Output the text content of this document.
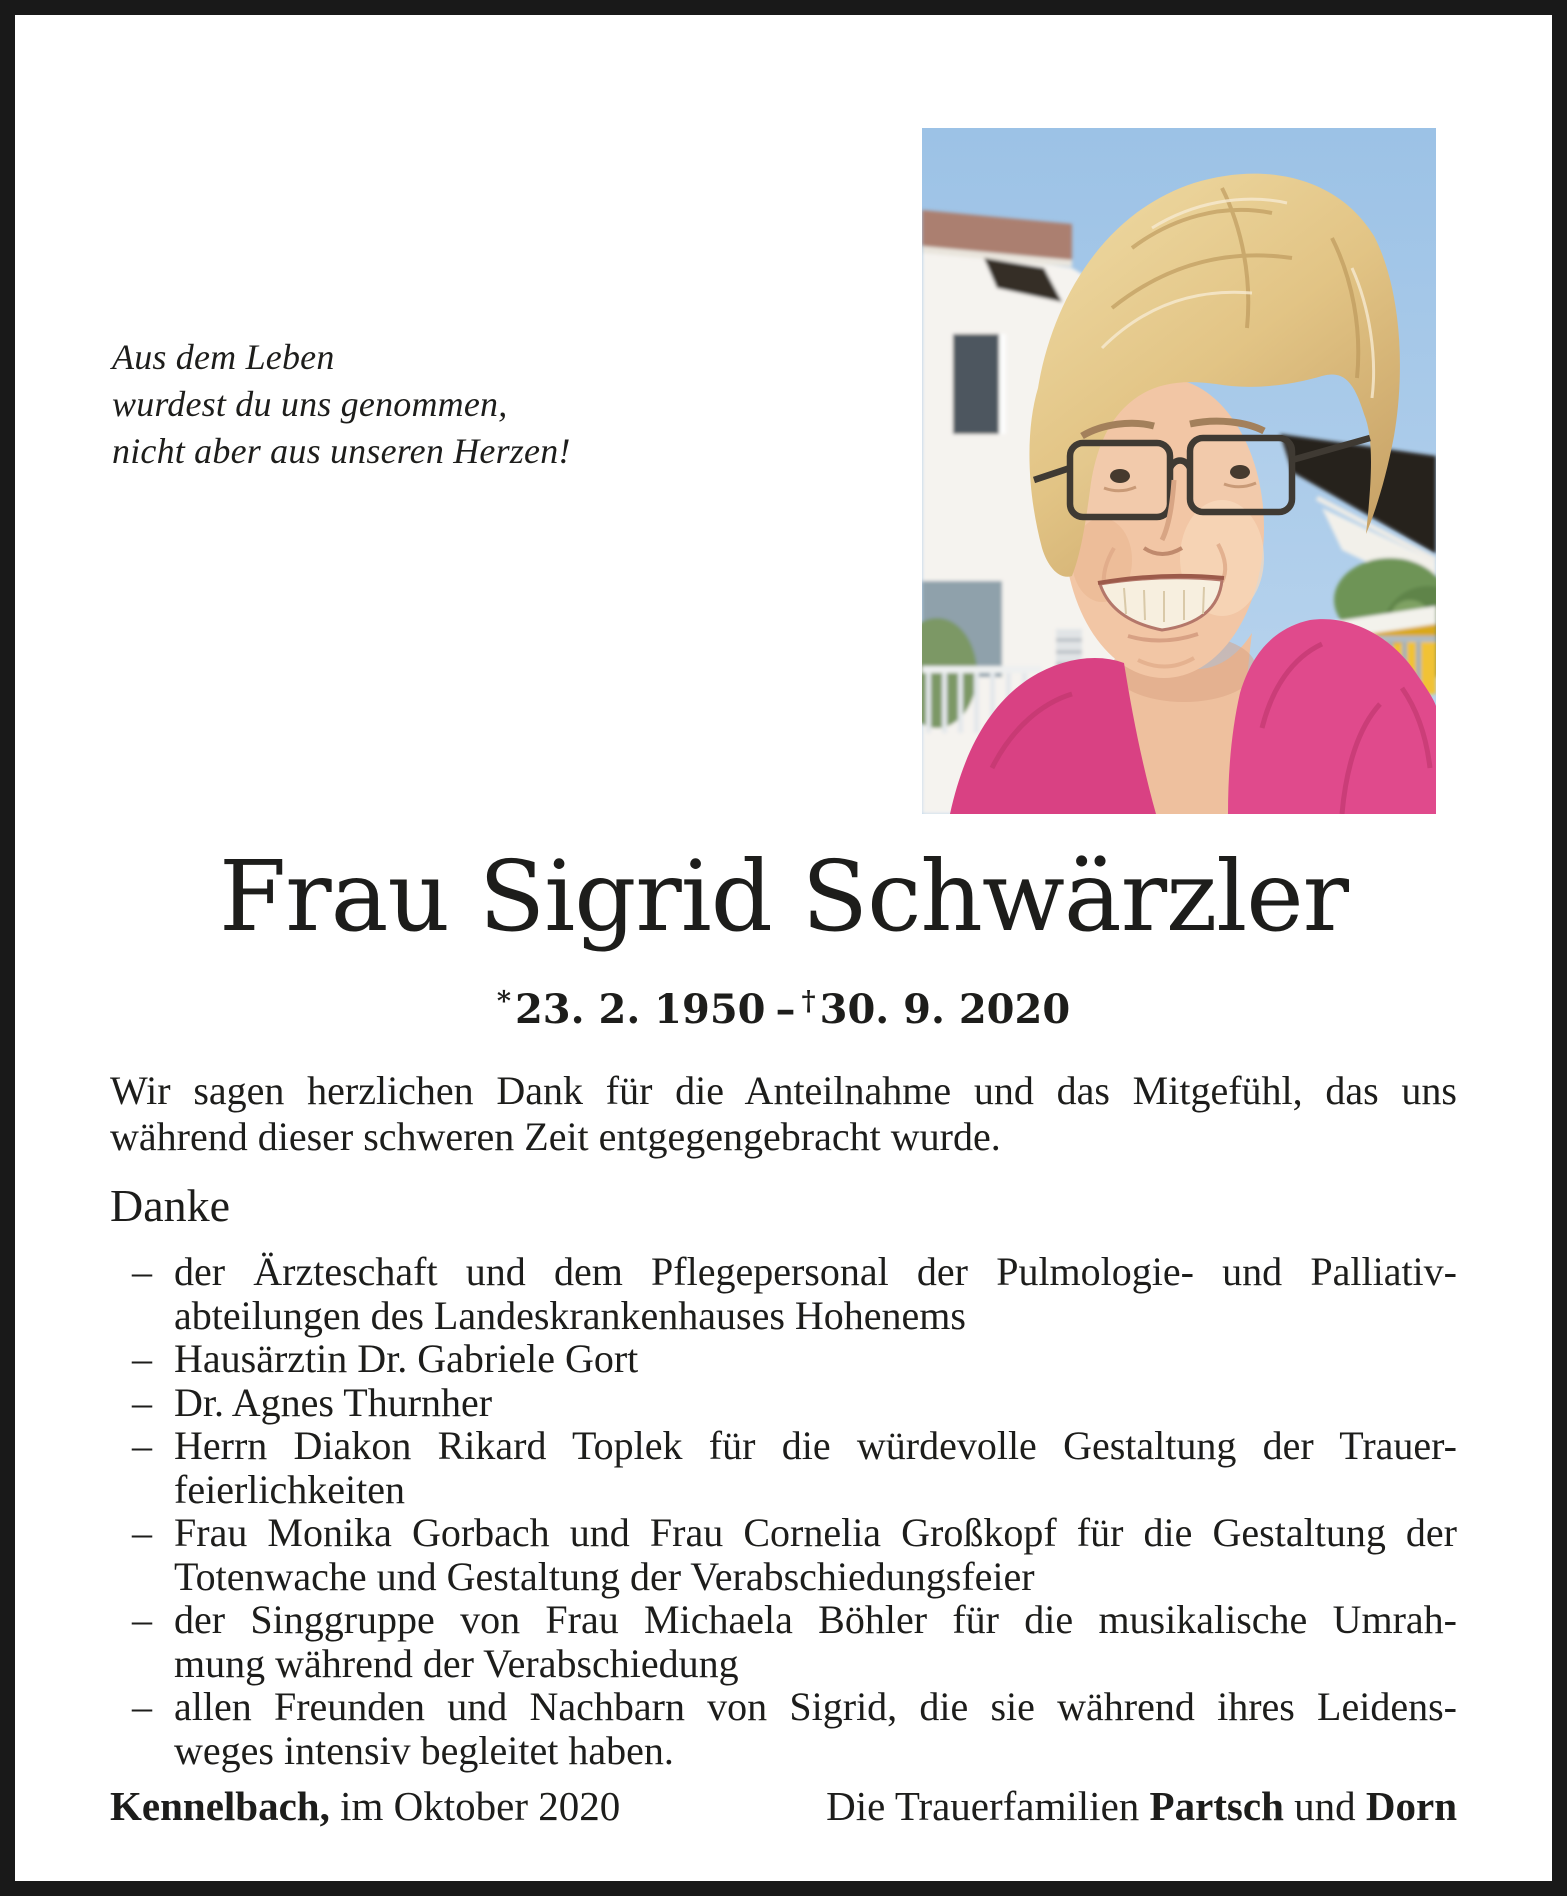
Aus dem Leben
wurdest du uns genommen,
nicht aber aus unseren Herzen!
Frau Sigrid Schwärzler
* 23. 2. 1950 – † 30. 9. 2020
Wir sagen herzlichen Dank für die Anteilnahme und das Mitgefühl, das uns
während dieser schweren Zeit entgegengebracht wurde.
Danke
– der Ärzteschaft und dem Pflegepersonal der Pulmologie- und Palliativ-
abteilungen des Landeskrankenhauses Hohenems
– Hausärztin Dr. Gabriele Gort
– Dr. Agnes Thurnher
– Herrn Diakon Rikard Toplek für die würdevolle Gestaltung der Trauer-
feierlichkeiten
– Frau Monika Gorbach und Frau Cornelia Großkopf für die Gestaltung der
Totenwache und Gestaltung der Verabschiedungsfeier
– der Singgruppe von Frau Michaela Böhler für die musikalische Umrah-
mung während der Verabschiedung
– allen Freunden und Nachbarn von Sigrid, die sie während ihres Leidens-
weges intensiv begleitet haben.
Kennelbach, im Oktober 2020	Die Trauerfamilien Partsch und Dorn
